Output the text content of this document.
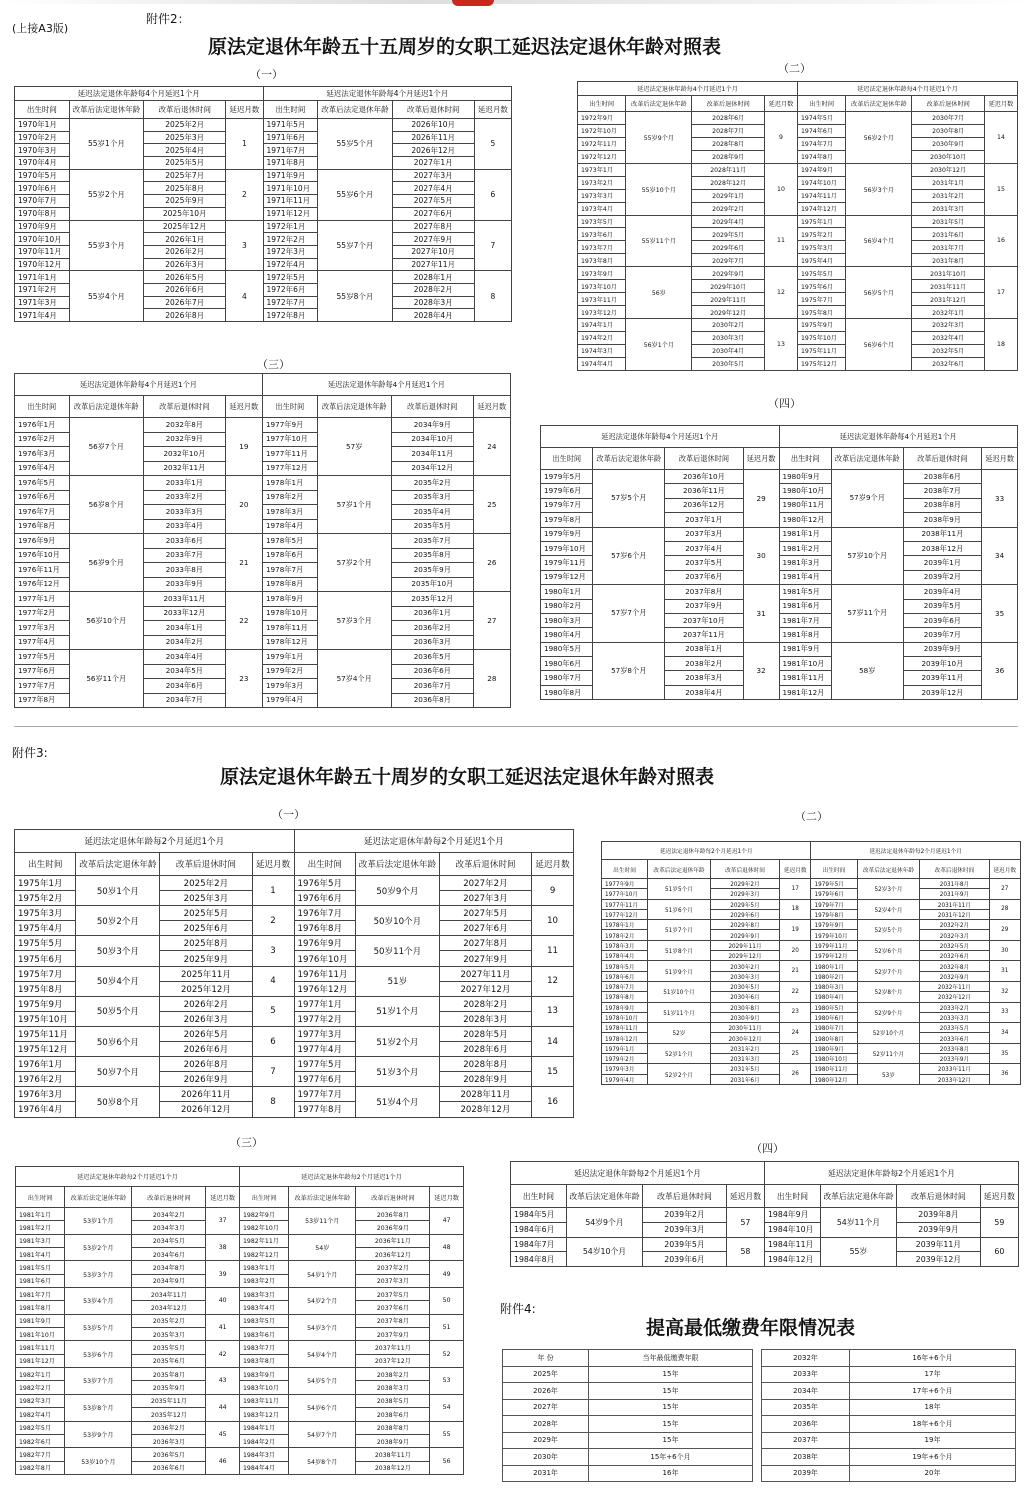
(上接A3版)
附件2：
原法定退休年龄五十五周岁的女职工延迟法定退休年龄对照表
附件3:
原法定退休年龄五十周岁的女职工延迟法定退休年龄对照表
（一）
延迟法定退休年龄每4个月延迟1个月				延迟法定退休年龄每4个月延迟1个月			
出生时间	改革后法定退休年龄	改革后退休时间	延迟月数	出生时间	改革后法定退休年龄	改革后退休时间	延迟月数
1970年1月	55岁1个月	2025年2月	1	1971年5月	55岁5个月	2026年10月	5
1970年2月		2025年3月		1971年6月		2026年11月	
1970年3月		2025年4月		1971年7月		2026年12月	
1970年4月		2025年5月		1971年8月		2027年1月	
1970年5月	55岁2个月	2025年7月	2	1971年9月	55岁6个月	2027年3月	6
1970年6月		2025年8月		1971年10月		2027年4月	
1970年7月		2025年9月		1971年11月		2027年5月	
1970年8月		2025年10月		1971年12月		2027年6月	
1970年9月	55岁3个月	2025年12月	3	1972年1月	55岁7个月	2027年8月	7
1970年10月		2026年1月		1972年2月		2027年9月	
1970年11月		2026年2月		1972年3月		2027年10月	
1970年12月		2026年3月		1972年4月		2027年11月	
1971年1月	55岁4个月	2026年5月	4	1972年5月	55岁8个月	2028年1月	8
1971年2月		2026年6月		1972年6月		2028年2月	
1971年3月		2026年7月		1972年7月		2028年3月	
1971年4月		2026年8月		1972年8月		2028年4月	
（二）
延迟法定退休年龄每4个月延迟1个月				延迟法定退休年龄每4个月延迟1个月			
出生时间	改革后法定退休年龄	改革后退休时间	延迟月数	出生时间	改革后法定退休年龄	改革后退休时间	延迟月数
1972年9月	55岁9个月	2028年6月	9	1974年5月	56岁2个月	2030年7月	14
1972年10月		2028年7月		1974年6月		2030年8月	
1972年11月		2028年8月		1974年7月		2030年9月	
1972年12月		2028年9月		1974年8月		2030年10月	
1973年1月	55岁10个月	2028年11月	10	1974年9月	56岁3个月	2030年12月	15
1973年2月		2028年12月		1974年10月		2031年1月	
1973年3月		2029年1月		1974年11月		2031年2月	
1973年4月		2029年2月		1974年12月		2031年3月	
1973年5月	55岁11个月	2029年4月	11	1975年1月	56岁4个月	2031年5月	16
1973年6月		2029年5月		1975年2月		2031年6月	
1973年7月		2029年6月		1975年3月		2031年7月	
1973年8月		2029年7月		1975年4月		2031年8月	
1973年9月	56岁	2029年9月	12	1975年5月	56岁5个月	2031年10月	17
1973年10月		2029年10月		1975年6月		2031年11月	
1973年11月		2029年11月		1975年7月		2031年12月	
1973年12月		2029年12月		1975年8月		2032年1月	
1974年1月	56岁1个月	2030年2月	13	1975年9月	56岁6个月	2032年3月	18
1974年2月		2030年3月		1975年10月		2032年4月	
1974年3月		2030年4月		1975年11月		2032年5月	
1974年4月		2030年5月		1975年12月		2032年6月	
（三）
延迟法定退休年龄每4个月延迟1个月				延迟法定退休年龄每4个月延迟1个月			
出生时间	改革后法定退休年龄	改革后退休时间	延迟月数	出生时间	改革后法定退休年龄	改革后退休时间	延迟月数
1976年1月	56岁7个月	2032年8月	19	1977年9月	57岁	2034年9月	24
1976年2月		2032年9月		1977年10月		2034年10月	
1976年3月		2032年10月		1977年11月		2034年11月	
1976年4月		2032年11月		1977年12月		2034年12月	
1976年5月	56岁8个月	2033年1月	20	1978年1月	57岁1个月	2035年2月	25
1976年6月		2033年2月		1978年2月		2035年3月	
1976年7月		2033年3月		1978年3月		2035年4月	
1976年8月		2033年4月		1978年4月		2035年5月	
1976年9月	56岁9个月	2033年6月	21	1978年5月	57岁2个月	2035年7月	26
1976年10月		2033年7月		1978年6月		2035年8月	
1976年11月		2033年8月		1978年7月		2035年9月	
1976年12月		2033年9月		1978年8月		2035年10月	
1977年1月	56岁10个月	2033年11月	22	1978年9月	57岁3个月	2035年12月	27
1977年2月		2033年12月		1978年10月		2036年1月	
1977年3月		2034年1月		1978年11月		2036年2月	
1977年4月		2034年2月		1978年12月		2036年3月	
1977年5月	56岁11个月	2034年4月	23	1979年1月	57岁4个月	2036年5月	28
1977年6月		2034年5月		1979年2月		2036年6月	
1977年7月		2034年6月		1979年3月		2036年7月	
1977年8月		2034年7月		1979年4月		2036年8月	
（四）
延迟法定退休年龄每4个月延迟1个月				延迟法定退休年龄每4个月延迟1个月			
出生时间	改革后法定退休年龄	改革后退休时间	延迟月数	出生时间	改革后法定退休年龄	改革后退休时间	延迟月数
1979年5月	57岁5个月	2036年10月	29	1980年9月	57岁9个月	2038年6月	33
1979年6月		2036年11月		1980年10月		2038年7月	
1979年7月		2036年12月		1980年11月		2038年8月	
1979年8月		2037年1月		1980年12月		2038年9月	
1979年9月	57岁6个月	2037年3月	30	1981年1月	57岁10个月	2038年11月	34
1979年10月		2037年4月		1981年2月		2038年12月	
1979年11月		2037年5月		1981年3月		2039年1月	
1979年12月		2037年6月		1981年4月		2039年2月	
1980年1月	57岁7个月	2037年8月	31	1981年5月	57岁11个月	2039年4月	35
1980年2月		2037年9月		1981年6月		2039年5月	
1980年3月		2037年10月		1981年7月		2039年6月	
1980年4月		2037年11月		1981年8月		2039年7月	
1980年5月	57岁8个月	2038年1月	32	1981年9月	58岁	2039年9月	36
1980年6月		2038年2月		1981年10月		2039年10月	
1980年7月		2038年3月		1981年11月		2039年11月	
1980年8月		2038年4月		1981年12月		2039年12月	
（一）
延迟法定退休年龄每2个月延迟1个月				延迟法定退休年龄每2个月延迟1个月			
出生时间	改革后法定退休年龄	改革后退休时间	延迟月数	出生时间	改革后法定退休年龄	改革后退休时间	延迟月数
1975年1月	50岁1个月	2025年2月	1	1976年5月	50岁9个月	2027年2月	9
1975年2月		2025年3月		1976年6月		2027年3月	
1975年3月	50岁2个月	2025年5月	2	1976年7月	50岁10个月	2027年5月	10
1975年4月		2025年6月		1976年8月		2027年6月	
1975年5月	50岁3个月	2025年8月	3	1976年9月	50岁11个月	2027年8月	11
1975年6月		2025年9月		1976年10月		2027年9月	
1975年7月	50岁4个月	2025年11月	4	1976年11月	51岁	2027年11月	12
1975年8月		2025年12月		1976年12月		2027年12月	
1975年9月	50岁5个月	2026年2月	5	1977年1月	51岁1个月	2028年2月	13
1975年10月		2026年3月		1977年2月		2028年3月	
1975年11月	50岁6个月	2026年5月	6	1977年3月	51岁2个月	2028年5月	14
1975年12月		2026年6月		1977年4月		2028年6月	
1976年1月	50岁7个月	2026年8月	7	1977年5月	51岁3个月	2028年8月	15
1976年2月		2026年9月		1977年6月		2028年9月	
1976年3月	50岁8个月	2026年11月	8	1977年7月	51岁4个月	2028年11月	16
1976年4月		2026年12月		1977年8月		2028年12月	
（二）
延迟法定退休年龄每2个月延迟1个月				延迟法定退休年龄每2个月延迟1个月			
出生时间	改革后法定退休年龄	改革后退休时间	延迟月数	出生时间	改革后法定退休年龄	改革后退休时间	延迟月数
1977年9月	51岁5个月	2029年2月	17	1979年5月	52岁3个月	2031年8月	27
1977年10月		2029年3月		1979年6月		2031年9月	
1977年11月	51岁6个月	2029年5月	18	1979年7月	52岁4个月	2031年11月	28
1977年12月		2029年6月		1979年8月		2031年12月	
1978年1月	51岁7个月	2029年8月	19	1979年9月	52岁5个月	2032年2月	29
1978年2月		2029年9月		1979年10月		2032年3月	
1978年3月	51岁8个月	2029年11月	20	1979年11月	52岁6个月	2032年5月	30
1978年4月		2029年12月		1979年12月		2032年6月	
1978年5月	51岁9个月	2030年2月	21	1980年1月	52岁7个月	2032年8月	31
1978年6月		2030年3月		1980年2月		2032年9月	
1978年7月	51岁10个月	2030年5月	22	1980年3月	52岁8个月	2032年11月	32
1978年8月		2030年6月		1980年4月		2032年12月	
1978年9月	51岁11个月	2030年8月	23	1980年5月	52岁9个月	2033年2月	33
1978年10月		2030年9月		1980年6月		2033年3月	
1978年11月	52岁	2030年11月	24	1980年7月	52岁10个月	2033年5月	34
1978年12月		2030年12月		1980年8月		2033年6月	
1979年1月	52岁1个月	2031年2月	25	1980年9月	52岁11个月	2033年8月	35
1979年2月		2031年3月		1980年10月		2033年9月	
1979年3月	52岁2个月	2031年5月	26	1980年11月	53岁	2033年11月	36
1979年4月		2031年6月		1980年12月		2033年12月	
（三）
延迟法定退休年龄每2个月延迟1个月				延迟法定退休年龄每2个月延迟1个月			
出生时间	改革后法定退休年龄	改革后退休时间	延迟月数	出生时间	改革后法定退休年龄	改革后退休时间	延迟月数
1981年1月	53岁1个月	2034年2月	37	1982年9月	53岁11个月	2036年8月	47
1981年2月		2034年3月		1982年10月		2036年9月	
1981年3月	53岁2个月	2034年5月	38	1982年11月	54岁	2036年11月	48
1981年4月		2034年6月		1982年12月		2036年12月	
1981年5月	53岁3个月	2034年8月	39	1983年1月	54岁1个月	2037年2月	49
1981年6月		2034年9月		1983年2月		2037年3月	
1981年7月	53岁4个月	2034年11月	40	1983年3月	54岁2个月	2037年5月	50
1981年8月		2034年12月		1983年4月		2037年6月	
1981年9月	53岁5个月	2035年2月	41	1983年5月	54岁3个月	2037年8月	51
1981年10月		2035年3月		1983年6月		2037年9月	
1981年11月	53岁6个月	2035年5月	42	1983年7月	54岁4个月	2037年11月	52
1981年12月		2035年6月		1983年8月		2037年12月	
1982年1月	53岁7个月	2035年8月	43	1983年9月	54岁5个月	2038年2月	53
1982年2月		2035年9月		1983年10月		2038年3月	
1982年3月	53岁8个月	2035年11月	44	1983年11月	54岁6个月	2038年5月	54
1982年4月		2035年12月		1983年12月		2038年6月	
1982年5月	53岁9个月	2036年2月	45	1984年1月	54岁7个月	2038年8月	55
1982年6月		2036年3月		1984年2月		2038年9月	
1982年7月	53岁10个月	2036年5月	46	1984年3月	54岁8个月	2038年11月	56
1982年8月		2036年6月		1984年4月		2038年12月	
（四）
延迟法定退休年龄每2个月延迟1个月				延迟法定退休年龄每2个月延迟1个月			
出生时间	改革后法定退休年龄	改革后退休时间	延迟月数	出生时间	改革后法定退休年龄	改革后退休时间	延迟月数
1984年5月	54岁9个月	2039年2月	57	1984年9月	54岁11个月	2039年8月	59
1984年6月		2039年3月		1984年10月		2039年9月	
1984年7月	54岁10个月	2039年5月	58	1984年11月	55岁	2039年11月	60
1984年8月		2039年6月		1984年12月		2039年12月	
附件4:
提高最低缴费年限情况表
年 份	当年最低缴费年限
2025年	15年
2026年	15年
2027年	15年
2028年	15年
2029年	15年
2030年	15年+6个月
2031年	16年
2032年	16年+6个月
2033年	17年
2034年	17年+6个月
2035年	18年
2036年	18年+6个月
2037年	19年
2038年	19年+6个月
2039年	20年
